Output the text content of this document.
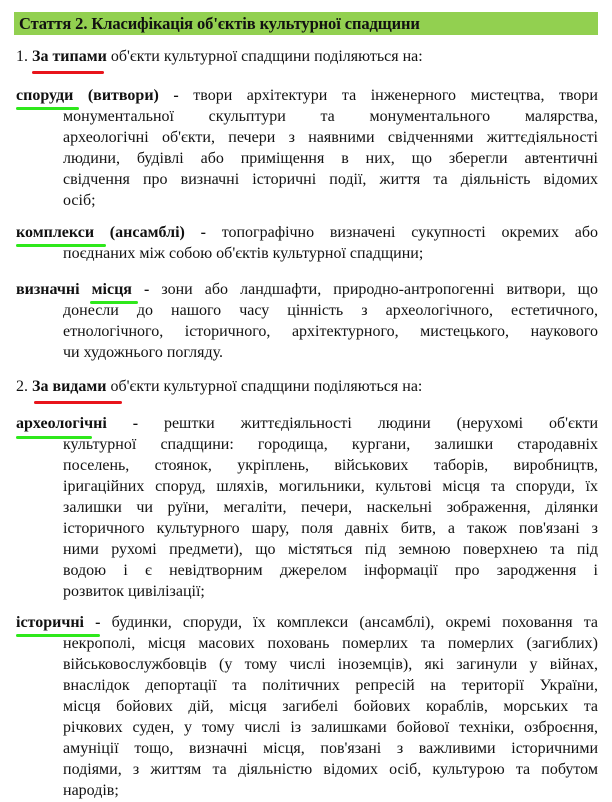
Стаття 2. Класифікація об'єктів культурної спадщини
1. За типами об'єкти культурної спадщини поділяються на:
споруди (витвори) - твори архітектури та інженерного мистецтва, твори
монументальної скульптури та монументального малярства,
археологічні об'єкти, печери з наявними свідченнями життєдіяльності
людини, будівлі або приміщення в них, що зберегли автентичні
свідчення про визначні історичні події, життя та діяльність відомих
осіб;
комплекси (ансамблі) - топографічно визначені сукупності окремих або
поєднаних між собою об'єктів культурної спадщини;
визначні місця - зони або ландшафти, природно-антропогенні витвори, що
донесли до нашого часу цінність з археологічного, естетичного,
етнологічного, історичного, архітектурного, мистецького, наукового
чи художнього погляду.
2. За видами об'єкти культурної спадщини поділяються на:
археологічні - рештки життєдіяльності людини (нерухомі об'єкти
культурної спадщини: городища, кургани, залишки стародавніх
поселень, стоянок, укріплень, військових таборів, виробництв,
іригаційних споруд, шляхів, могильники, культові місця та споруди, їх
залишки чи руїни, мегаліти, печери, наскельні зображення, ділянки
історичного культурного шару, поля давніх битв, а також пов'язані з
ними рухомі предмети), що містяться під земною поверхнею та під
водою і є невідтворним джерелом інформації про зародження і
розвиток цивілізації;
історичні - будинки, споруди, їх комплекси (ансамблі), окремі поховання та
некрополі, місця масових поховань померлих та померлих (загиблих)
військовослужбовців (у тому числі іноземців), які загинули у війнах,
внаслідок депортації та політичних репресій на території України,
місця бойових дій, місця загибелі бойових кораблів, морських та
річкових суден, у тому числі із залишками бойової техніки, озброєння,
амуніції тощо, визначні місця, пов'язані з важливими історичними
подіями, з життям та діяльністю відомих осіб, культурою та побутом
народів;
